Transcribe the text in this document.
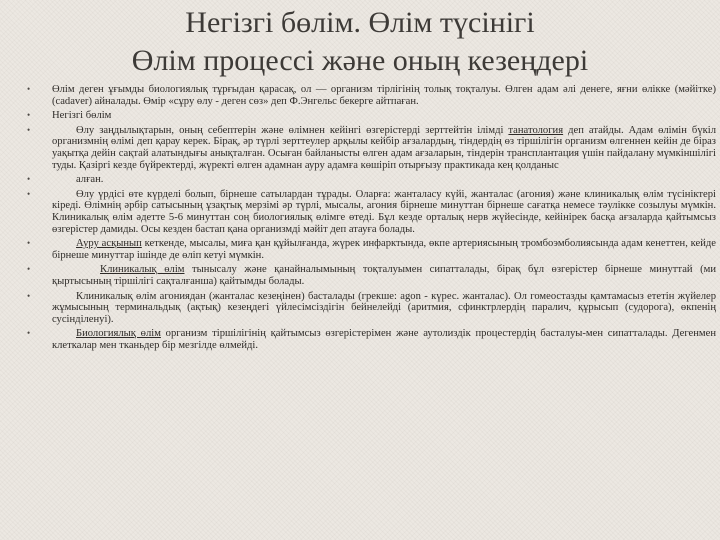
Негізгі бөлім. Өлім түсінігі
Өлім процессі және оның кезеңдері
• Өлім деген ұғымды биологиялық тұрғыдан қарасақ, ол — организм тірлігінің толық тоқталуы. Өлген адам әлі денеге, яғни өлікке (мәйітке) (cadaver) айналады. Өмір «сұру өлу - деген сөз» деп Ф.Энгельс бекерге айтпаған.
• Негізгі бөлім
•	Өлу заңдылықтарын, оның себептерін және өлімнен кейінгі өзгерістерді зерттейтін ілімді танатология деп атайды. Адам өлімін бүкіл организмнің өлімі деп қарау керек. Бірақ, әр түрлі зерттеулер арқылы кейбір ағзалардың, тіндердің өз тіршілігін организм өлгеннен кейін де біраз уақытқа дейін сақтай алатындығы анықталған. Осыған байланысты өлген адам ағзаларын, тіндерін трансплантация үшін пайдалану мүмкіншілігі туды. Қазіргі кезде бүйректерді, жүректі өлген адамнан ауру адамға көшіріп отырғызу практикада кең қолданыс
•	алған.
•	Өлу үрдісі өте күрделі болып, бірнеше сатылардан тұрады. Оларға: жанталасу күйі, жанталас (агония) және клиникалық өлім түсініктері кіреді. Өлімнің әрбір сатысының ұзақтық мерзімі әр түрлі, мысалы, агония бірнеше минуттан бірнеше сағатқа немесе тәулікке созылуы мүмкін. Клиникалық өлім әдетте 5-6 минуттан соң биологиялық өлімге өтеді. Бұл кезде орталық нерв жүйесінде, кейінірек басқа ағзаларда қайтымсыз өзгерістер дамиды. Осы кезден бастап қана организмді мәйіт деп атауға болады.
•	Ауру асқынып кеткенде, мысалы, миға қан құйылғанда, жүрек инфарктында, өкпе артериясының тромбоэмболиясында адам кенеттен, кейде бірнеше минуттар ішінде де өліп кетуі мүмкін.
•	Клиникалық өлім тынысалу және қанайналымының тоқталуымен сипатталады, бірақ бұл өзгерістер бірнеше минуттай (ми қыртысының тіршілігі сақталғанша) қайтымды болады.
•	Клиникалық өлім агониядан (жанталас кезеңінен) басталады (грекше: agon - күрес. жанталас). Ол гомеостазды қамтамасыз ететін жүйелер жұмысының терминальдық (ақтық) кезеңдегі үйлесімсіздігін бейнелейді (аритмия, сфинктрлердің паралич, құрысып (судорога), өкпенің сусінділенуі).
•	Биологиялық өлім организм тіршілігінің қайтымсыз өзгерістерімен және аутолиздік процестердің басталуы-мен сипатталады. Дегенмен клеткалар мен тканьдер бір мезгілде өлмейді.
